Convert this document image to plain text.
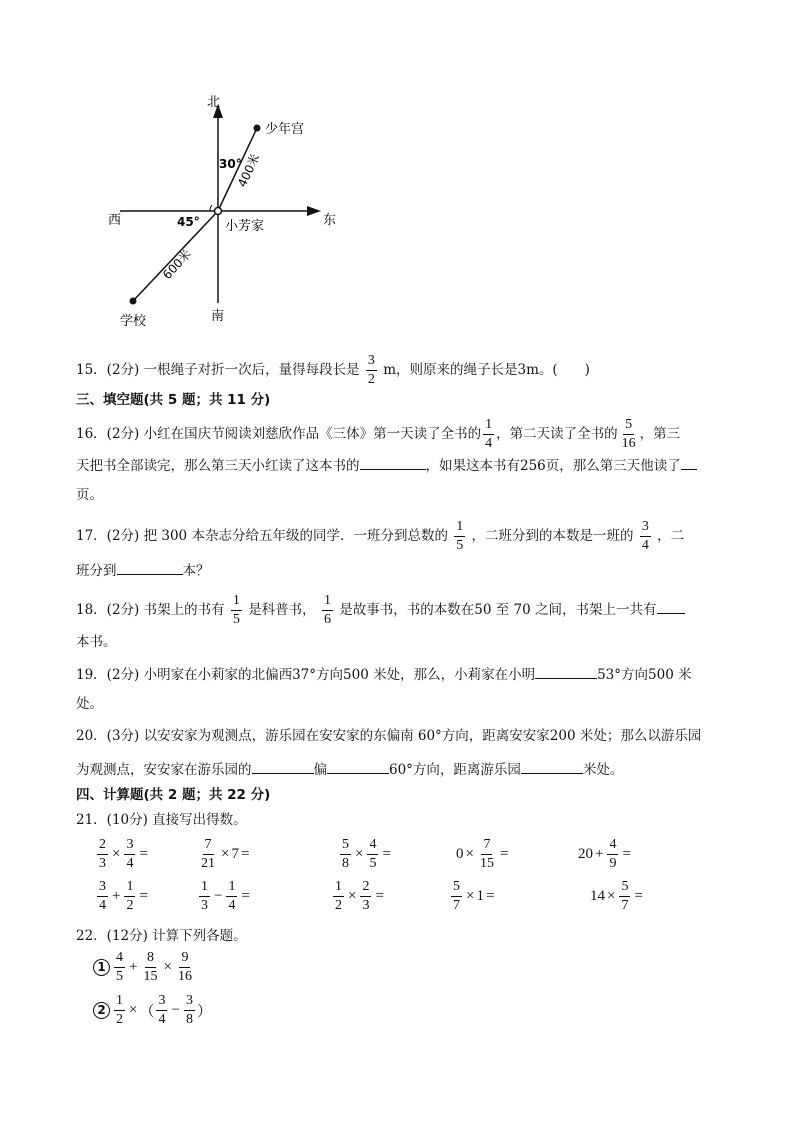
北
南
西	东
小芳家
少年宫
学校
30°
45°
400米
600米
15．(2分) 一根绳子对折一次后，量得每段长是 $\frac{3}{2}$ m，则原来的绳子长是3m。(　　)
三、填空题(共 5 题；共 11 分)
16．(2分) 小红在国庆节阅读刘慈欣作品《三体》第一天读了全书的 $\frac{1}{4}$ ，第二天读了全书的 $\frac{5}{16}$ ，第三
天把书全部读完，那么第三天小红读了这本书的	，如果这本书有256页，那么第三天他读了
页。
17．(2分) 把 300 本杂志分给五年级的同学．一班分到总数的 $\frac{1}{5}$ ，二班分到的本数是一班的 $\frac{3}{4}$ ，二
班分到	本？
18．(2分) 书架上的书有 $\frac{1}{5}$ 是科普书， $\frac{1}{6}$ 是故事书，书的本数在50 至 70 之间，书架上一共有
本书。
19．(2分) 小明家在小莉家的北偏西37°方向500 米处，那么，小莉家在小明	53°方向500 米
处。
20．(3分) 以安安家为观测点，游乐园在安安家的东偏南 60°方向，距离安安家200 米处；那么以游乐园
为观测点，安安家在游乐园的	偏	60°方向，距离游乐园	米处。
四、计算题(共 2 题；共 22 分)
21．(10分) 直接写出得数。
$\frac{2}{3} \times \frac{3}{4}$ =	$\frac{7}{21} \times 7$ =	$\frac{5}{8} \times \frac{4}{5}$ =	$0 \times \frac{7}{15}$ =	$20 + \frac{4}{9}$ =
$\frac{3}{4} + \frac{1}{2}$ =	$\frac{1}{3} - \frac{1}{4}$ =	$\frac{1}{2} \times \frac{2}{3}$ =	$\frac{5}{7} \times 1$ =	$14 \times \frac{5}{7}$ =
22．(12分) 计算下列各题。
$1 \frac{4}{5} + \frac{8}{15} \times \frac{9}{16}$
$2 \frac{1}{2}$ × （ $\frac{3}{4} - \frac{3}{8}$ ）
